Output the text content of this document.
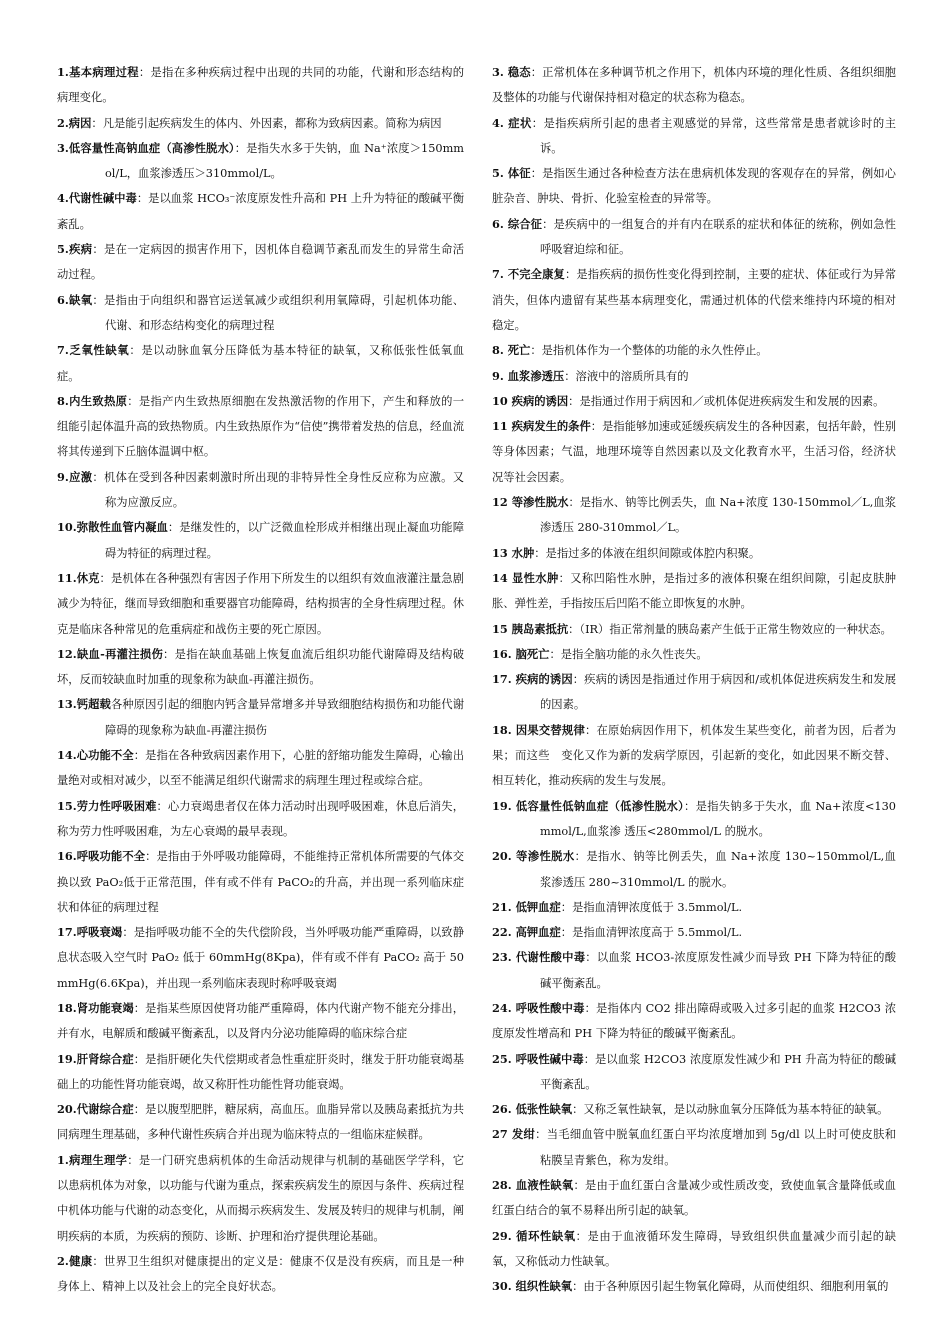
1.基本病理过程：是指在多种疾病过程中出现的共同的功能，代谢和形态结构的病理变化。

2.病因：凡是能引起疾病发生的体内、外因素，都称为致病因素。简称为病因

3.低容量性高钠血症（高渗性脱水）：是指失水多于失钠，血 Na⁺浓度＞150mmol/L，血浆渗透压＞310mmol/L。

4.代谢性碱中毒：是以血浆 HCO₃⁻浓度原发性升高和 PH 上升为特征的酸碱平衡紊乱。

5.疾病：是在一定病因的损害作用下，因机体自稳调节紊乱而发生的异常生命活动过程。

6.缺氧：是指由于向组织和器官运送氧减少或组织利用氧障碍，引起机体功能、代谢、和形态结构变化的病理过程

7.乏氧性缺氧：是以动脉血氧分压降低为基本特征的缺氧，又称低张性低氧血症。

8.内生致热原：是指产内生致热原细胞在发热激活物的作用下，产生和释放的一组能引起体温升高的致热物质。内生致热原作为“信使”携带着发热的信息，经血流将其传递到下丘脑体温调中枢。

9.应激：机体在受到各种因素刺激时所出现的非特异性全身性反应称为应激。又称为应激反应。

10.弥散性血管内凝血：是继发性的，以广泛微血栓形成并相继出现止凝血功能障碍为特征的病理过程。

11.休克：是机体在各种强烈有害因子作用下所发生的以组织有效血液灌注量急剧减少为特征，继而导致细胞和重要器官功能障碍，结构损害的全身性病理过程。休克是临床各种常见的危重病症和战伤主要的死亡原因。

12.缺血-再灌注损伤：是指在缺血基础上恢复血流后组织功能代谢障碍及结构破坏，反而较缺血时加重的现象称为缺血-再灌注损伤。

13.钙超载各种原因引起的细胞内钙含量异常增多并导致细胞结构损伤和功能代谢障碍的现象称为缺血-再灌注损伤

14.心功能不全：是指在各种致病因素作用下，心脏的舒缩功能发生障碍，心输出量绝对或相对减少，以至不能满足组织代谢需求的病理生理过程或综合症。

15.劳力性呼吸困难：心力衰竭患者仅在体力活动时出现呼吸困难，休息后消失，称为劳力性呼吸困难，为左心衰竭的最早表现。

16.呼吸功能不全：是指由于外呼吸功能障碍，不能维持正常机体所需要的气体交换以致 PaO₂低于正常范围，伴有或不伴有 PaCO₂的升高，并出现一系列临床症状和体征的病理过程

17.呼吸衰竭：是指呼吸功能不全的失代偿阶段，当外呼吸功能严重障碍，以致静息状态吸入空气时 PaO₂ 低于 60mmHg(8Kpa)，伴有或不伴有 PaCO₂ 高于 50mmHg(6.6Kpa)，并出现一系列临床表现时称呼吸衰竭

18.肾功能衰竭：是指某些原因使肾功能严重障碍，体内代谢产物不能充分排出，并有水，电解质和酸碱平衡紊乱，以及肾内分泌功能障碍的临床综合症

19.肝肾综合症：是指肝硬化失代偿期或者急性重症肝炎时，继发于肝功能衰竭基础上的功能性肾功能衰竭，故又称肝性功能性肾功能衰竭。

20.代谢综合症：是以腹型肥胖，糖尿病，高血压。血脂异常以及胰岛素抵抗为共同病理生理基础，多种代谢性疾病合并出现为临床特点的一组临床症候群。

1.病理生理学：是一门研究患病机体的生命活动规律与机制的基础医学学科，它以患病机体为对象，以功能与代谢为重点，探索疾病发生的原因与条件、疾病过程中机体功能与代谢的动态变化，从而揭示疾病发生、发展及转归的规律与机制，阐明疾病的本质，为疾病的预防、诊断、护理和治疗提供理论基础。

2.健康：世界卫生组织对健康提出的定义是：健康不仅是没有疾病，而且是一种身体上、精神上以及社会上的完全良好状态。

3. 稳态：正常机体在多种调节机之作用下，机体内环境的理化性质、各组织细胞及整体的功能与代谢保持相对稳定的状态称为稳态。

4. 症状：是指疾病所引起的患者主观感觉的异常，这些常常是患者就诊时的主诉。

5. 体征：是指医生通过各种检查方法在患病机体发现的客观存在的异常，例如心脏杂音、肿块、骨折、化验室检查的异常等。

6. 综合征：是疾病中的一组复合的并有内在联系的症状和体征的统称，例如急性呼吸窘迫综和征。

7. 不完全康复：是指疾病的损伤性变化得到控制，主要的症状、体征或行为异常消失，但体内遗留有某些基本病理变化，需通过机体的代偿来维持内环境的相对稳定。

8. 死亡：是指机体作为一个整体的功能的永久性停止。

9. 血浆渗透压：溶液中的溶质所具有的

10 疾病的诱因：是指通过作用于病因和／或机体促进疾病发生和发展的因素。

11 疾病发生的条件：是指能够加速或延缓疾病发生的各种因素，包括年龄，性别等身体因素；气温，地理环境等自然因素以及文化教育水平，生活习俗，经济状况等社会因素。

12 等渗性脱水：是指水、钠等比例丢失，血 Na+浓度 130-150mmol／L,血浆渗透压 280-310mmol／L。

13 水肿：是指过多的体液在组织间隙或体腔内积聚。

14 显性水肿：又称凹陷性水肿，是指过多的液体积聚在组织间隙，引起皮肤肿胀、弹性差，手指按压后凹陷不能立即恢复的水肿。

15 胰岛素抵抗：（IR）指正常剂量的胰岛素产生低于正常生物效应的一种状态。

16. 脑死亡：是指全脑功能的永久性丧失。

17. 疾病的诱因：疾病的诱因是指通过作用于病因和/或机体促进疾病发生和发展的因素。

18. 因果交替规律：在原始病因作用下，机体发生某些变化，前者为因，后者为果；而这些　变化又作为新的发病学原因，引起新的变化，如此因果不断交替、相互转化，推动疾病的发生与发展。

19. 低容量性低钠血症（低渗性脱水）：是指失钠多于失水，血 Na+浓度<130mmol/L,血浆渗 透压<280mmol/L 的脱水。

20. 等渗性脱水：是指水、钠等比例丢失，血 Na+浓度 130~150mmol/L,血浆渗透压 280~310mmol/L 的脱水。

21. 低钾血症：是指血清钾浓度低于 3.5mmol/L.

22. 高钾血症：是指血清钾浓度高于 5.5mmol/L.

23. 代谢性酸中毒：以血浆 HCO3-浓度原发性减少而导致 PH 下降为特征的酸碱平衡紊乱。

24. 呼吸性酸中毒：是指体内 CO2 排出障碍或吸入过多引起的血浆 H2CO3 浓度原发性增高和 PH 下降为特征的酸碱平衡紊乱。

25. 呼吸性碱中毒：是以血浆 H2CO3 浓度原发性减少和 PH 升高为特征的酸碱平衡紊乱。

26. 低张性缺氧：又称乏氧性缺氧，是以动脉血氧分压降低为基本特征的缺氧。

27 发绀：当毛细血管中脱氧血红蛋白平均浓度增加到 5g/dl 以上时可使皮肤和粘膜呈青紫色，称为发绀。

28. 血液性缺氧：是由于血红蛋白含量减少或性质改变，致使血氧含量降低或血红蛋白结合的氧不易释出所引起的缺氧。

29. 循环性缺氧：是由于血液循环发生障碍，导致组织供血量减少而引起的缺氧，又称低动力性缺氧。

30. 组织性缺氧：由于各种原因引起生物氧化障碍，从而使组织、细胞利用氧的
